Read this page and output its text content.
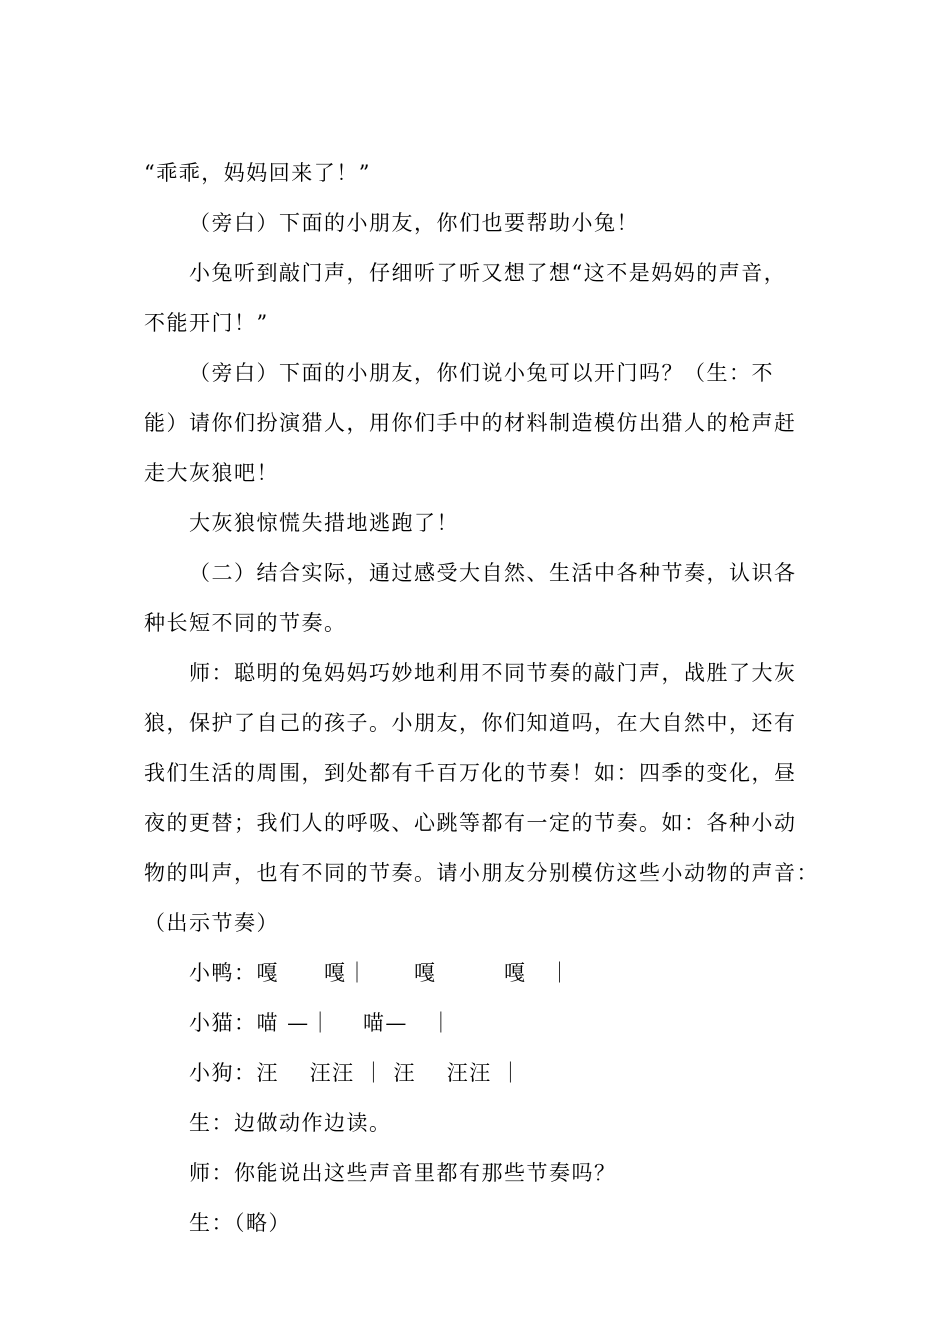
“乖乖，妈妈回来了！”

（旁白）下面的小朋友，你们也要帮助小兔！

小兔听到敲门声，仔细听了听又想了想“这不是妈妈的声音，

不能开门！”

（旁白）下面的小朋友，你们说小兔可以开门吗？（生：不

能）请你们扮演猎人，用你们手中的材料制造模仿出猎人的枪声赶

走大灰狼吧！

大灰狼惊慌失措地逃跑了！

（二）结合实际，通过感受大自然、生活中各种节奏，认识各

种长短不同的节奏。

师：聪明的兔妈妈巧妙地利用不同节奏的敲门声，战胜了大灰

狼，保护了自己的孩子。小朋友，你们知道吗，在大自然中，还有

我们生活的周围，到处都有千百万化的节奏！如：四季的变化，昼

夜的更替；我们人的呼吸、心跳等都有一定的节奏。如：各种小动

物的叫声，也有不同的节奏。请小朋友分别模仿这些小动物的声音：

（出示节奏）

小鸭：嘎　　嘎｜　　嘎　　　嘎　｜

小猫：喵 —｜　 喵—　｜

小狗：汪　 汪汪 ｜ 汪　 汪汪 ｜

生：边做动作边读。

师：你能说出这些声音里都有那些节奏吗？

生：（略）
